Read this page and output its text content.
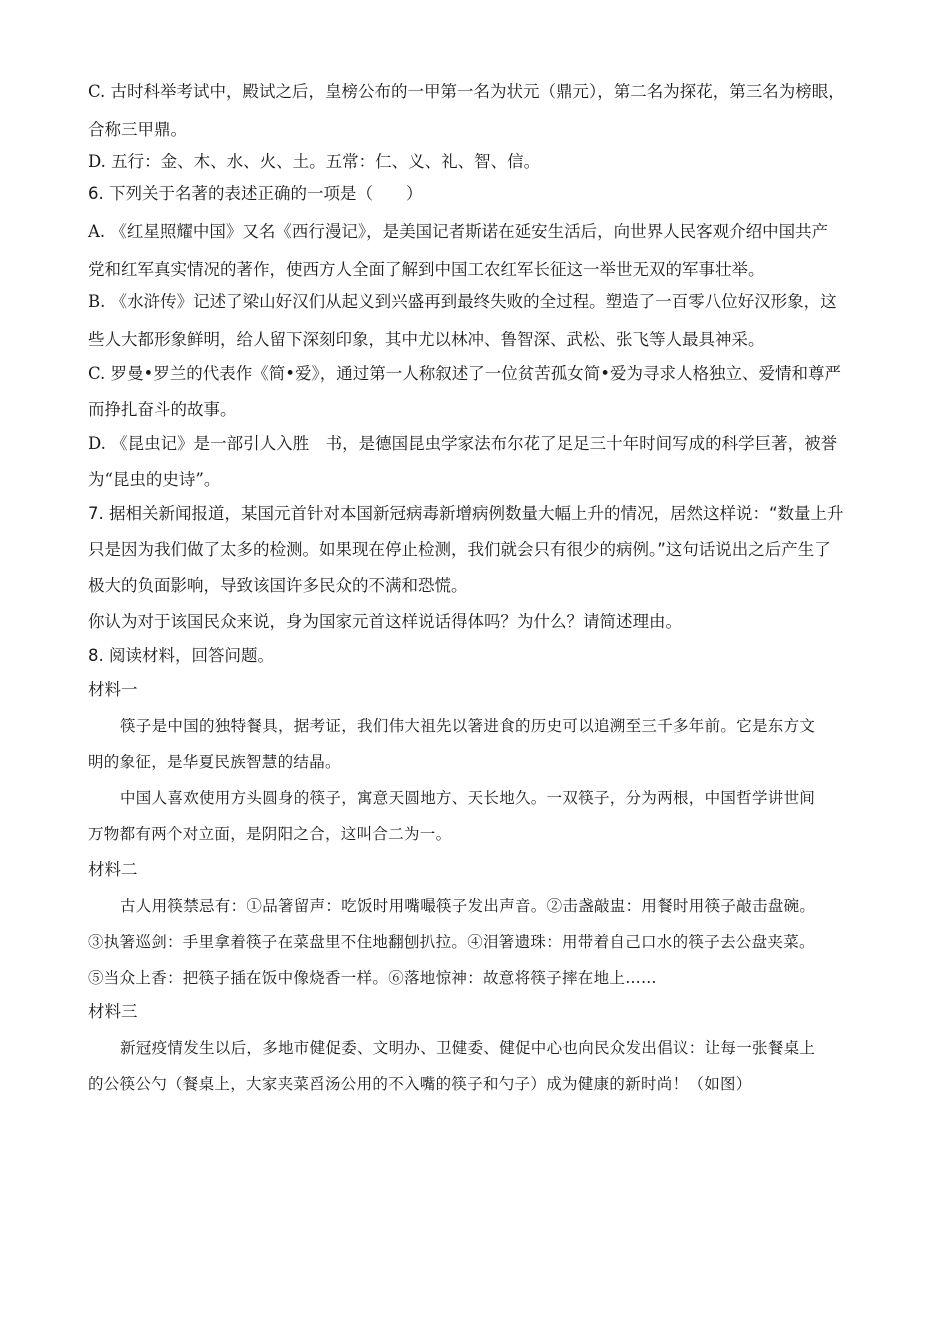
C. 古时科举考试中，殿试之后，皇榜公布的一甲第一名为状元（鼎元），第二名为探花，第三名为榜眼，
合称三甲鼎。
D. 五行：金、木、水、火、土。五常：仁、义、礼、智、信。
6. 下列关于名著的表述正确的一项是（　　）
A. 《红星照耀中国》又名《西行漫记》，是美国记者斯诺在延安生活后，向世界人民客观介绍中国共产
党和红军真实情况的著作，使西方人全面了解到中国工农红军长征这一举世无双的军事壮举。
B. 《水浒传》记述了梁山好汉们从起义到兴盛再到最终失败的全过程。塑造了一百零八位好汉形象，这
些人大都形象鲜明，给人留下深刻印象，其中尤以林冲、鲁智深、武松、张飞等人最具神采。
C. 罗曼•罗兰的代表作《简•爱》，通过第一人称叙述了一位贫苦孤女简•爱为寻求人格独立、爱情和尊严
而挣扎奋斗的故事。
D. 《昆虫记》是一部引人入胜　书，是德国昆虫学家法布尔花了足足三十年时间写成的科学巨著，被誉
为“昆虫的史诗”。
7. 据相关新闻报道，某国元首针对本国新冠病毒新增病例数量大幅上升的情况，居然这样说：“数量上升
只是因为我们做了太多的检测。如果现在停止检测，我们就会只有很少的病例。”这句话说出之后产生了
极大的负面影响，导致该国许多民众的不满和恐慌。
你认为对于该国民众来说，身为国家元首这样说话得体吗？为什么？请简述理由。
8. 阅读材料，回答问题。
材料一
筷子是中国的独特餐具，据考证，我们伟大祖先以箸进食的历史可以追溯至三千多年前。它是东方文
明的象征，是华夏民族智慧的结晶。
中国人喜欢使用方头圆身的筷子，寓意天圆地方、天长地久。一双筷子，分为两根，中国哲学讲世间
万物都有两个对立面，是阴阳之合，这叫合二为一。
材料二
古人用筷禁忌有：①品箸留声：吃饭时用嘴嘬筷子发出声音。②击盏敲盅：用餐时用筷子敲击盘碗。
③执箸巡剑：手里拿着筷子在菜盘里不住地翻刨扒拉。④泪箸遗珠：用带着自己口水的筷子去公盘夹菜。
⑤当众上香：把筷子插在饭中像烧香一样。⑥落地惊神：故意将筷子摔在地上……
材料三
新冠疫情发生以后，多地市健促委、文明办、卫健委、健促中心也向民众发出倡议：让每一张餐桌上
的公筷公勺（餐桌上，大家夹菜舀汤公用的不入嘴的筷子和勺子）成为健康的新时尚！（如图）
